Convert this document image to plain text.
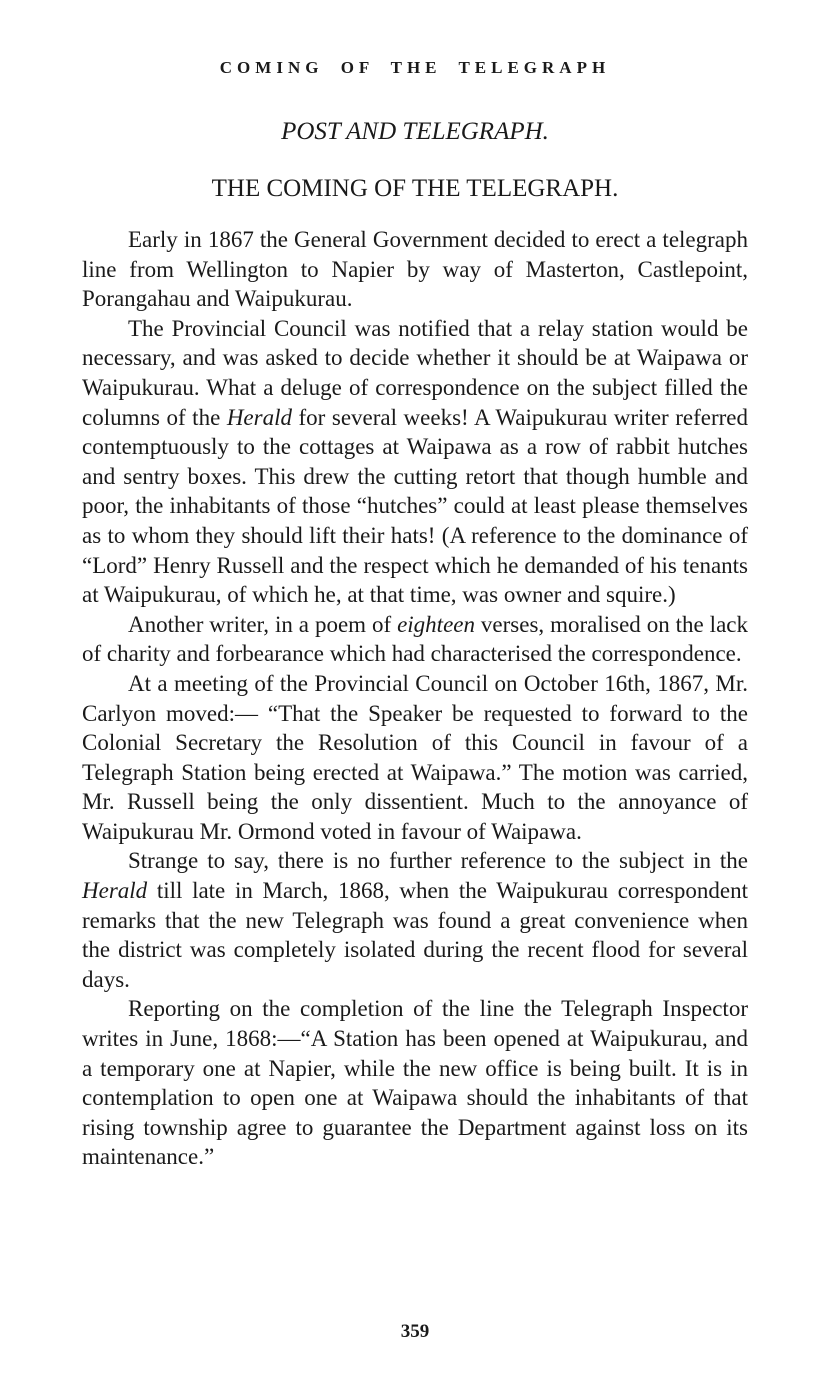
COMING OF THE TELEGRAPH
POST AND TELEGRAPH.
THE COMING OF THE TELEGRAPH.

Early in 1867 the General Government decided to erect a telegraph line from Wellington to Napier by way of Masterton, Castlepoint, Porangahau and Waipukurau.

The Provincial Council was notified that a relay station would be necessary, and was asked to decide whether it should be at Waipawa or Waipukurau. What a deluge of correspondence on the subject filled the columns of the Herald for several weeks! A Waipukurau writer referred contemptuously to the cottages at Waipawa as a row of rabbit hutches and sentry boxes. This drew the cutting retort that though humble and poor, the inhabitants of those “hutches” could at least please themselves as to whom they should lift their hats! (A reference to the dominance of “Lord” Henry Russell and the respect which he demanded of his tenants at Waipukurau, of which he, at that time, was owner and squire.)

Another writer, in a poem of eighteen verses, moralised on the lack of charity and forbearance which had characterised the correspondence.

At a meeting of the Provincial Council on October 16th, 1867, Mr. Carlyon moved:— “That the Speaker be requested to forward to the Colonial Secretary the Resolution of this Council in favour of a Telegraph Station being erected at Waipawa.” The motion was carried, Mr. Russell being the only dissentient. Much to the annoyance of Waipukurau Mr. Ormond voted in favour of Waipawa.

Strange to say, there is no further reference to the subject in the Herald till late in March, 1868, when the Waipukurau correspondent remarks that the new Telegraph was found a great convenience when the district was completely isolated during the recent flood for several days.

Reporting on the completion of the line the Telegraph Inspector writes in June, 1868:—“A Station has been opened at Waipukurau, and a temporary one at Napier, while the new office is being built. It is in contemplation to open one at Waipawa should the inhabitants of that rising township agree to guarantee the Department against loss on its maintenance.”

359
